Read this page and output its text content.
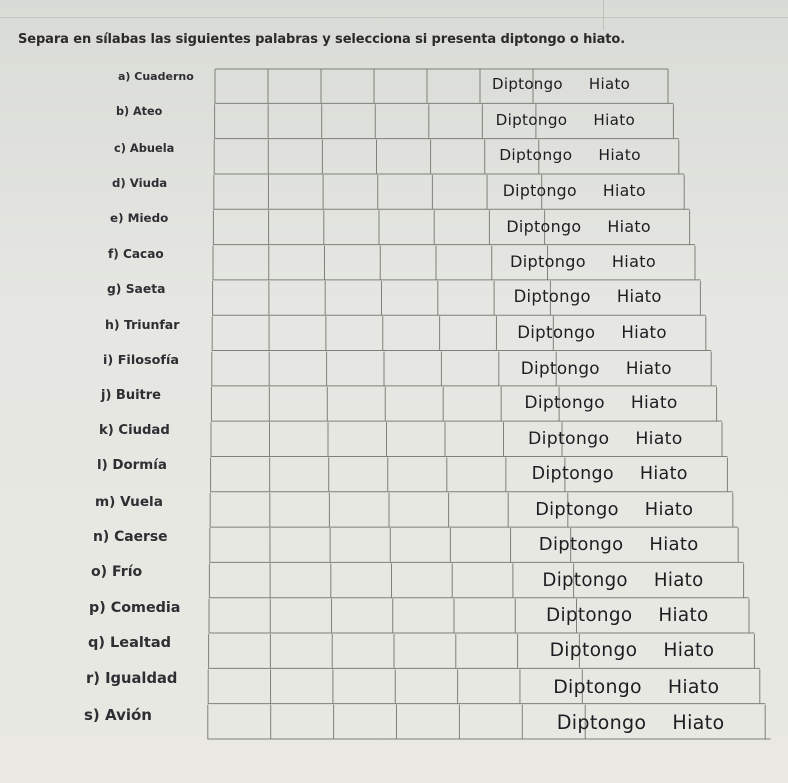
Separa en sílabas las siguientes palabras y selecciona si presenta diptongo o hiato.
a) Cuaderno	Diptongo Hiato
b) Ateo	Diptongo Hiato
c) Abuela	Diptongo Hiato
d) Viuda	Diptongo Hiato
e) Miedo	Diptongo Hiato
f) Cacao	Diptongo Hiato
g) Saeta	Diptongo Hiato
h) Triunfar	Diptongo Hiato
i) Filosofía	Diptongo Hiato
j) Buitre	Diptongo Hiato
k) Ciudad	Diptongo Hiato
l) Dormía	Diptongo Hiato
m) Vuela	Diptongo Hiato
n) Caerse	Diptongo Hiato
o) Frío	Diptongo Hiato
p) Comedia	Diptongo Hiato
q) Lealtad	Diptongo Hiato
r) Igualdad	Diptongo Hiato
s) Avión	Diptongo Hiato
